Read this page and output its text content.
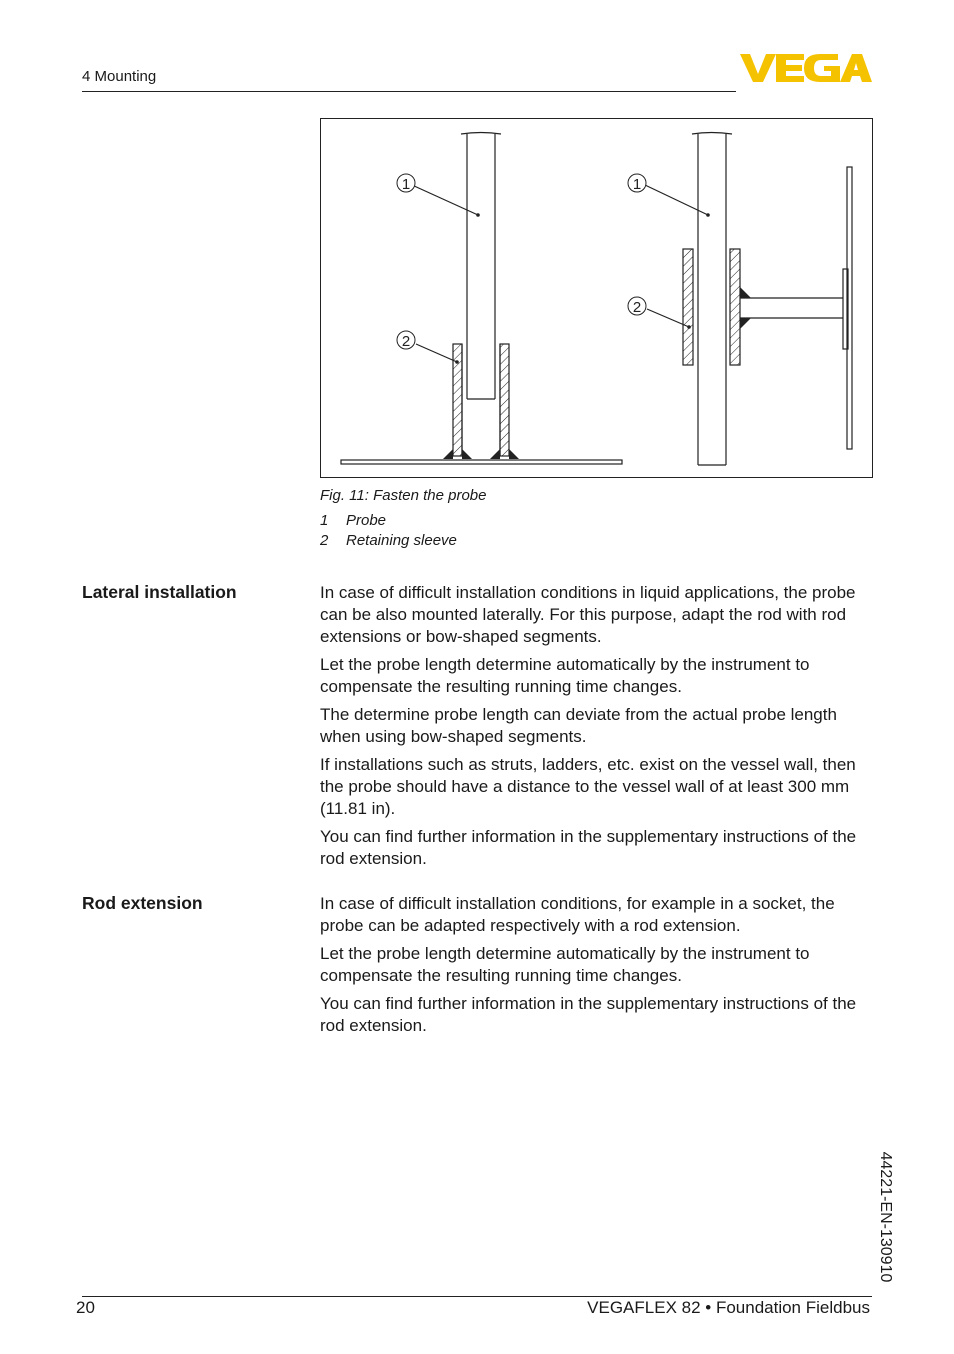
4 Mounting
1
2
1
2
Fig. 11: Fasten the probe
1 Probe
2 Retaining sleeve
Lateral installation	In case of difficult installation conditions in liquid applications, the probe can be also mounted laterally. For this purpose, adapt the rod with rod extensions or bow-shaped segments.

Let the probe length determine automatically by the instrument to compensate the resulting running time changes.

The determine probe length can deviate from the actual probe length when using bow-shaped segments.

If installations such as struts, ladders, etc. exist on the vessel wall, then the probe should have a distance to the vessel wall of at least 300 mm (11.81 in).

You can find further information in the supplementary instructions of the rod extension.

Rod extension	In case of difficult installation conditions, for example in a socket, the probe can be adapted respectively with a rod extension.

Let the probe length determine automatically by the instrument to compensate the resulting running time changes.

You can find further information in the supplementary instructions of the rod extension.

44221-EN-130910
20	VEGAFLEX 82 • Foundation Fieldbus
